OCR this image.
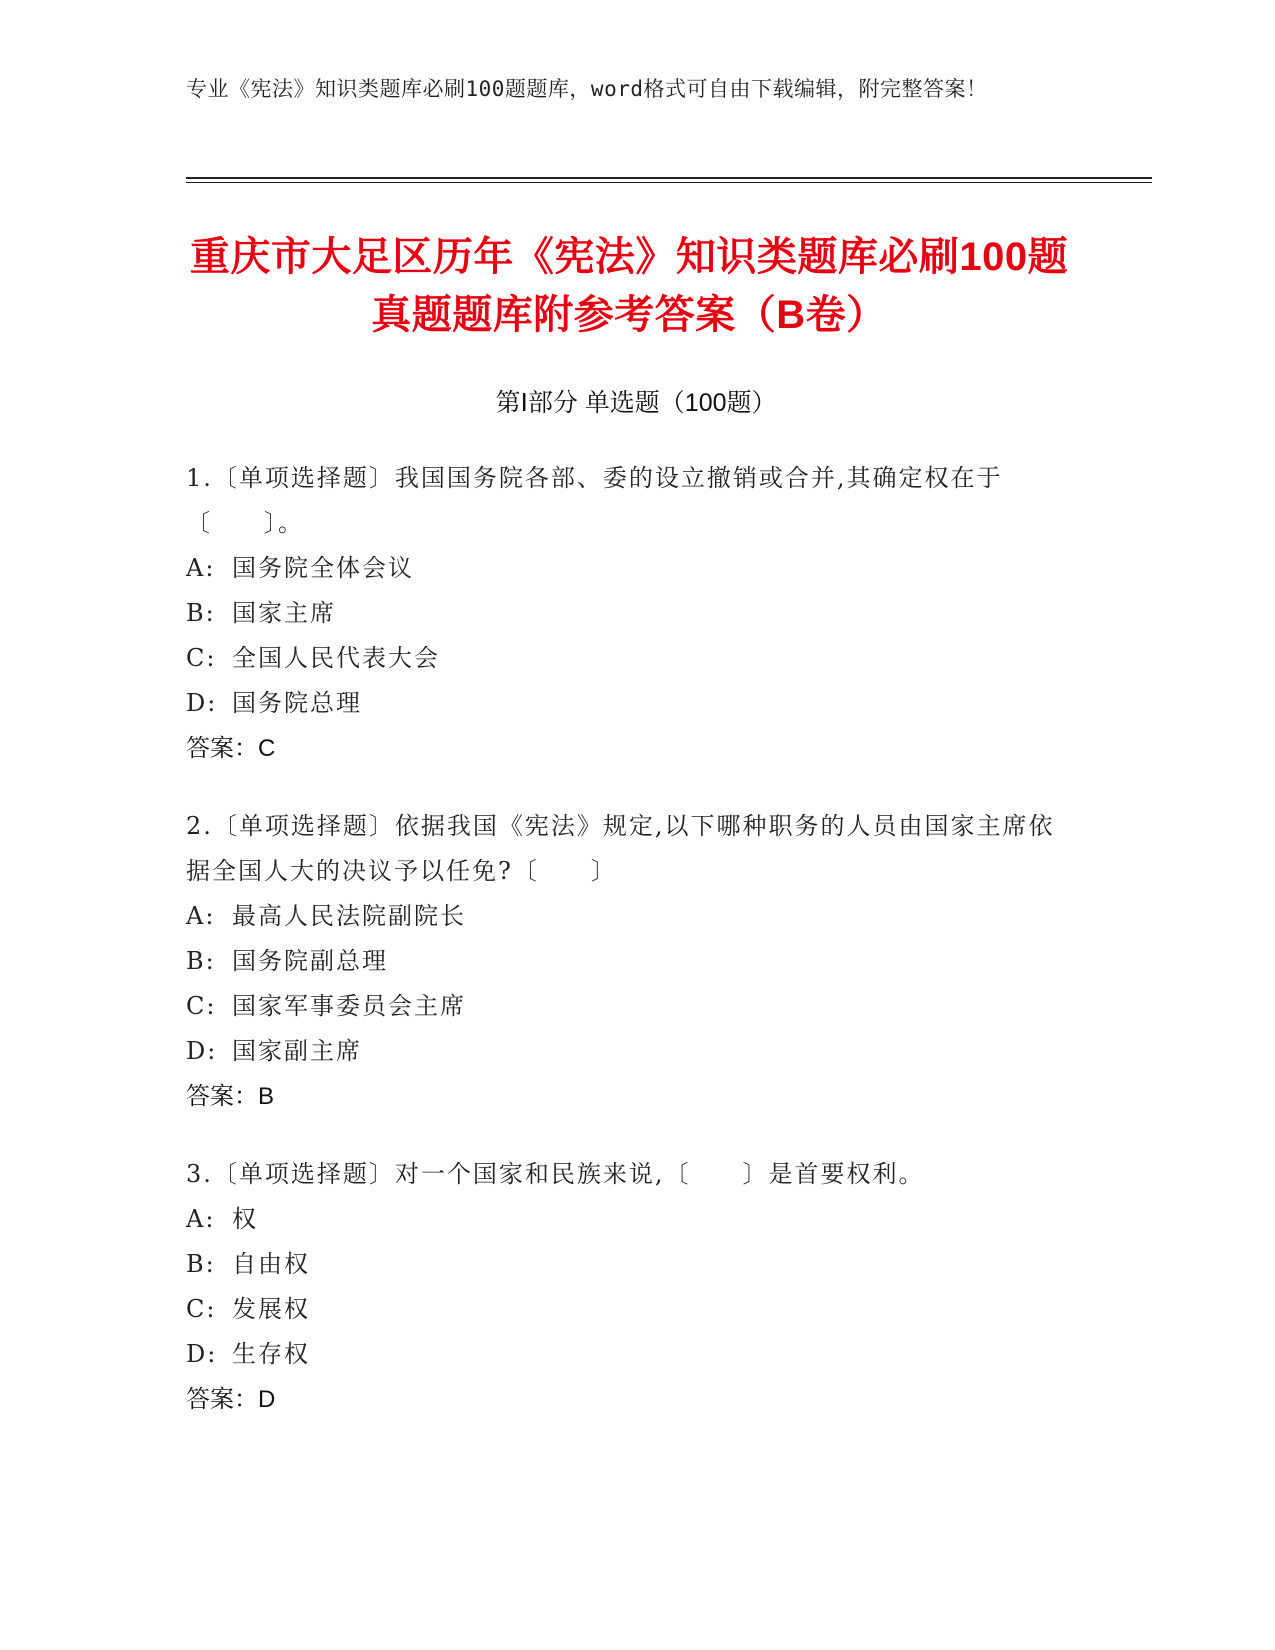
专业《宪法》知识类题库必刷100题题库，word格式可自由下载编辑，附完整答案！
重庆市大足区历年《宪法》知识类题库必刷100题真题题库附参考答案（B卷）
第Ⅰ部分 单选题（100题）

1.〔单项选择题〕我国国务院各部、委的设立撤销或合并,其确定权在于〔　　〕。

A: 国务院全体会议

B: 国家主席

C: 全国人民代表大会

D: 国务院总理

答案：C

2.〔单项选择题〕依据我国《宪法》规定,以下哪种职务的人员由国家主席依据全国人大的决议予以任免?〔　　〕

A: 最高人民法院副院长

B: 国务院副总理

C: 国家军事委员会主席

D: 国家副主席

答案：B

3.〔单项选择题〕对一个国家和民族来说,〔　　〕是首要权利。

A: 权

B: 自由权

C: 发展权

D: 生存权

答案：D
